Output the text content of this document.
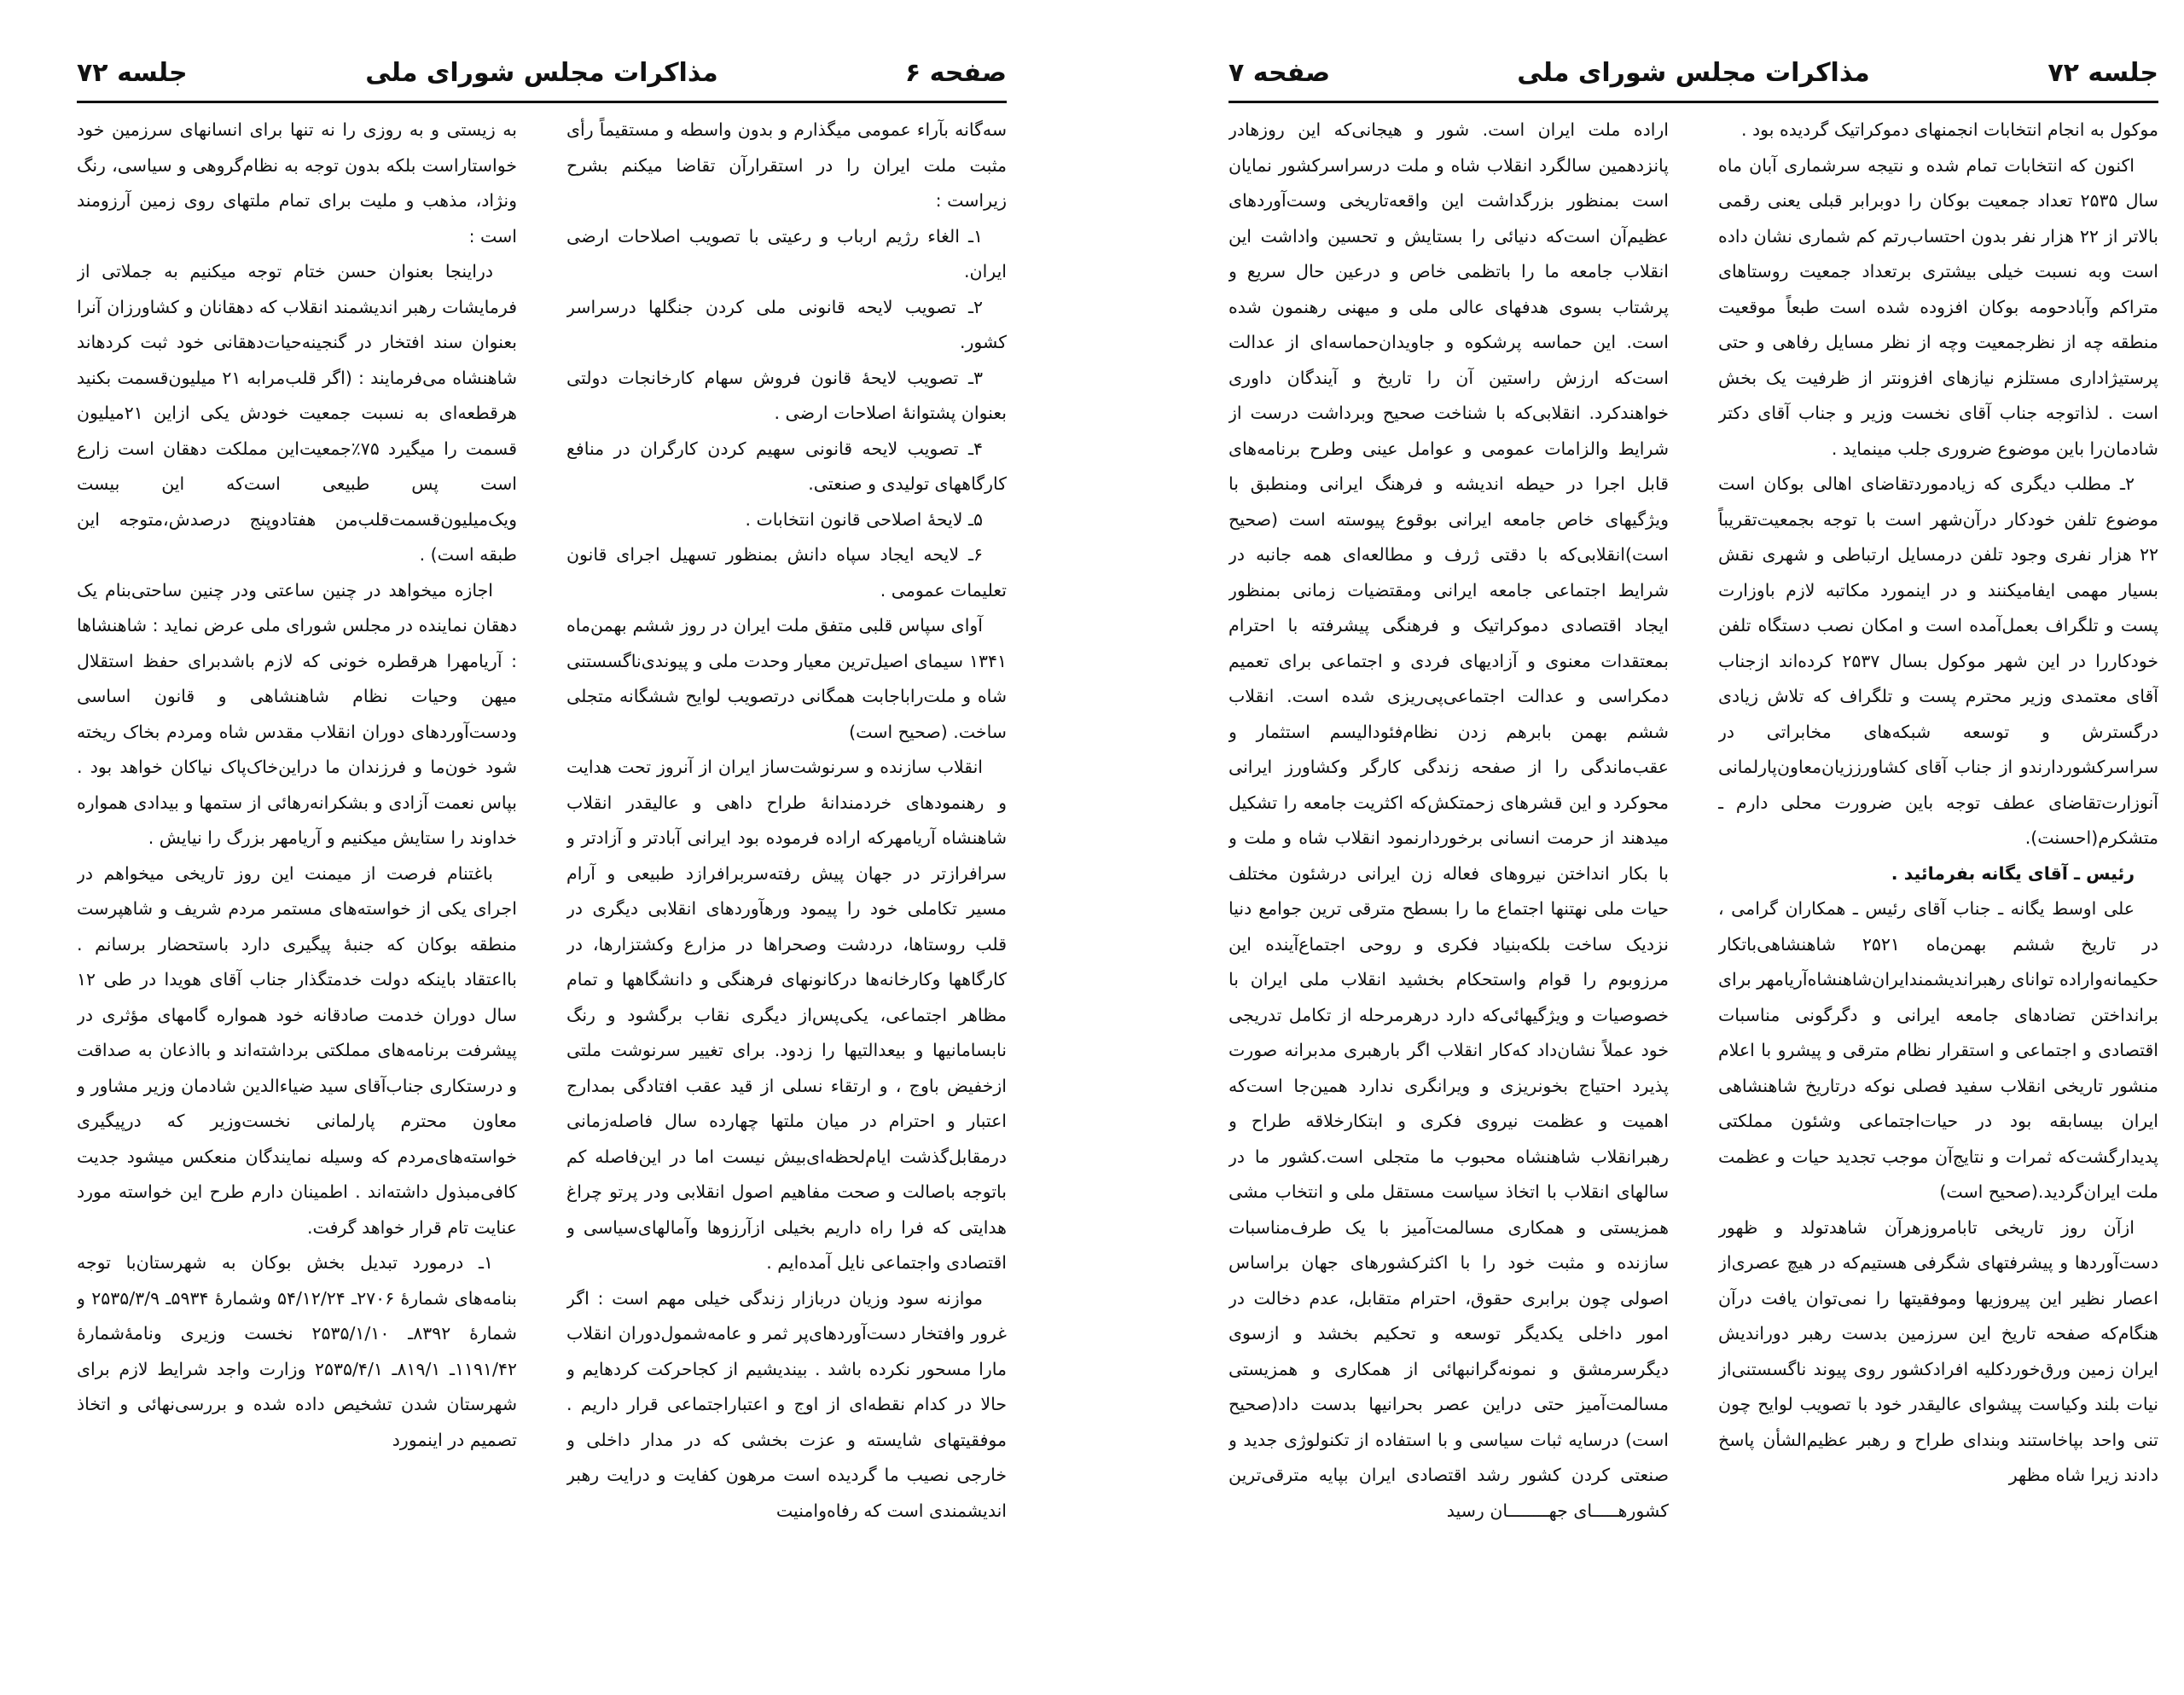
صفحه ۶
مذاکرات مجلس شورای ملی
جلسه ۷۲

سه‌گانه بآراء عمومی میگذارم و بدون واسطه و مستقیماً رأی مثبت ملت ایران را در استقرارآن تقاضا میکنم بشرح زیراست :

۱ـ الغاء رژیم ارباب و رعیتی با تصویب اصلاحات ارضی ایران.

۲ـ تصویب لایحه قانونی ملی کردن جنگلها درسراسر کشور.

۳ـ تصویب لایحهٔ قانون فروش سهام کارخانجات دولتی بعنوان پشتوانهٔ اصلاحات ارضی .

۴ـ تصویب لایحه قانونی سهیم کردن کارگران در منافع کارگاههای تولیدی و صنعتی.

۵ـ لایحهٔ اصلاحی قانون انتخابات .

۶ـ لایحه ایجاد سپاه دانش بمنظور تسهیل اجرای قانون تعلیمات عمومی .

آوای سپاس قلبی متفق ملت ایران در روز ششم بهمن‌ماه ۱۳۴۱ سیمای اصیل‌ترین معیار وحدت ملی و پیوندی‌ناگسستنی شاه و ملت‌راباجابت همگانی درتصویب لوایح ششگانه متجلی ساخت. (صحیح است)

انقلاب سازنده و سرنوشت‌ساز ایران از آنروز تحت هدایت و رهنمودهای خردمندانهٔ طراح داهی و عالیقدر انقلاب شاهنشاه آریامهرکه اراده فرموده بود ایرانی آبادتر و آزادتر و سرافرازتر در جهان پیش رفته‌سربرافرازد طبیعی و آرام مسیر تکاملی خود را پیمود ورهآوردهای انقلابی دیگری در قلب روستاها، دردشت وصحراها در مزارع وکشتزارها، در کارگاهها وکارخانه‌ها درکانونهای فرهنگی و دانشگاهها و تمام مظاهر اجتماعی، یکی‌پس‌از دیگری نقاب برگشود و رنگ نابسامانیها و بیعدالتیها را زدود. برای تغییر سرنوشت ملتی ازخفیض باوج ، و ارتقاء نسلی از قید عقب افتادگی بمدارج اعتبار و احترام در میان ملتها چهارده سال فاصله‌زمانی درمقابل‌گذشت ایام‌لحظه‌ای‌بیش نیست اما در این‌فاصله کم باتوجه باصالت و صحت مفاهیم اصول انقلابی ودر پرتو چراغ هدایتی که فرا راه داریم بخیلی ازآرزوها وآمالهای‌سیاسی و اقتصادی واجتماعی نایل آمده‌ایم .

موازنه سود وزیان دربازار زندگی خیلی مهم است : اگر غرور وافتخار دست‌آوردهای‌پر ثمر و عامه‌شمول‌دوران انقلاب مارا مسحور نکرده باشد . بیندیشیم از کجاحرکت کردهایم و حالا در کدام نقطه‌ای از اوج و اعتباراجتماعی قرار داریم . موفقیتهای شایسته و عزت بخشی که در مدار داخلی و خارجی نصیب ما گردیده است مرهون کفایت و درایت رهبر اندیشمندی است که رفاه‌وامنیت

به زیستی و به روزی را نه تنها برای انسانهای سرزمین خود خواستاراست بلکه بدون توجه به نظام‌گروهی و سیاسی، رنگ ونژاد، مذهب و ملیت برای تمام ملتهای روی زمین آرزومند است :

دراینجا بعنوان حسن ختام توجه میکنیم به جملاتی از فرمایشات رهبر اندیشمند انقلاب که دهقانان و کشاورزان آنرا بعنوان سند افتخار در گنجینه‌حیات‌دهقانی خود ثبت کردهاند شاهنشاه می‌فرمایند : (اگر قلب‌مرابه ۲۱ میلیون‌قسمت بکنید هرقطعه‌ای به نسبت جمعیت خودش یکی ازاین ۲۱میلیون قسمت را میگیرد ۷۵٪جمعیت‌این مملکت دهقان است زارع است پس طبیعی است‌که این بیست ویک‌میلیون‌قسمت‌قلب‌من هفتادوپنج درصدش،متوجه این طبقه است) .

اجازه میخواهد در چنین ساعتی ودر چنین ساحتی‌بنام یک دهقان نماینده در مجلس شورای ملی عرض نماید : شاهنشاها : آریامهرا هرقطره خونی که لازم باشدبرای حفظ استقلال میهن وحیات نظام شاهنشاهی و قانون اساسی ودست‌آوردهای دوران انقلاب مقدس شاه ومردم بخاک ریخته شود خون‌ما و فرزندان ما دراین‌خاک‌پاک نیاکان خواهد بود . بپاس نعمت آزادی و بشکرانه‌رهائی از ستمها و بیدادی همواره خداوند را ستایش میکنیم و آریامهر بزرگ را نیایش .

باغتنام فرصت از میمنت این روز تاریخی میخواهم در اجرای یکی از خواسته‌های مستمر مردم شریف و شاهپرست منطقه بوکان که جنبهٔ پیگیری دارد باستحضار برسانم . بااعتقاد باینکه دولت خدمتگذار جناب آقای هویدا در طی ۱۲ سال دوران خدمت صادقانه خود همواره گامهای مؤثری در پیشرفت برنامه‌های مملکتی برداشته‌اند و بااذعان به صداقت و درستکاری جناب‌آقای سید ضیاءالدین شادمان وزیر مشاور و معاون محترم پارلمانی نخست‌وزیر که درپیگیری خواسته‌های‌مردم که وسیله نمایندگان منعکس میشود جدیت کافی‌مبذول داشته‌اند . اطمینان دارم طرح این خواسته مورد عنایت تام قرار خواهد گرفت.

۱ـ درمورد تبدیل بخش بوکان به شهرستان‌با توجه بنامه‌های شمارهٔ ۲۷۰۶ـ ۵۴/۱۲/۲۴ وشمارهٔ ۵۹۳۴ـ ۲۵۳۵/۳/۹ و شمارهٔ ۸۳۹۲ـ ۲۵۳۵/۱/۱۰ نخست وزیری ونامهٔ‌شمارهٔ ۱۱۹۱/۴۲ـ ۸۱۹/۱ـ ۲۵۳۵/۴/۱ وزارت واجد شرایط لازم برای شهرستان شدن تشخیص داده شده و بررسی‌نهائی و اتخاذ تصمیم در اینمورد

جلسه ۷۲
مذاکرات مجلس شورای ملی
صفحه ۷

موکول به انجام انتخابات انجمنهای دموکراتیک گردیده بود .

اکنون که انتخابات تمام شده و نتیجه سرشماری آبان ماه سال ۲۵۳۵ تعداد جمعیت بوکان را دوبرابر قبلی یعنی رقمی بالاتر از ۲۲ هزار نفر بدون احتساب‌رتم کم شماری نشان داده است وبه نسبت خیلی بیشتری برتعداد جمعیت روستاهای متراکم وآبادحومه بوکان افزوده شده است طبعاً موقعیت منطقه چه از نظرجمعیت وچه از نظر مسایل رفاهی و حتی پرستیژاداری مستلزم نیازهای افزونتر از ظرفیت یک بخش است . لذاتوجه جناب آقای نخست وزیر و جناب آقای دکتر شادمان‌را باین موضوع ضروری جلب مینماید .

۲ـ مطلب دیگری که زیادمورد‌تقاضای اهالی بوکان است موضوع تلفن خودکار درآن‌شهر است با توجه بجمعیت‌تقریباً ۲۲ هزار نفری وجود تلفن درمسایل ارتباطی و شهری نقش بسیار مهمی ایفامیکنند و در اینمورد مکاتبه لازم باوزارت پست و تلگراف بعمل‌آمده است و امکان نصب دستگاه تلفن خودکاررا در این شهر موکول بسال ۲۵۳۷ کرده‌اند ازجناب آقای معتمدی وزیر محترم پست و تلگراف که تلاش زیادی درگسترش و توسعه شبکه‌های مخابراتی در سراسرکشوردارندو از جناب آقای کشاورززیان‌معاون‌پارلمانی آنوزارت‌تقاضای عطف توجه باین ضرورت محلی دارم ـ متشکرم(احسنت).

رئیس ـ آقای یگانه بفرمائید .

علی اوسط یگانه ـ جناب آقای رئیس ـ همکاران گرامی ، در تاریخ ششم بهمن‌ماه ۲۵۲۱ شاهنشاهی‌باتکار حکیمانه‌واراده توانای رهبراندیشمندایران‌شاهنشاه‌آریامهر برای برانداختن تضادهای جامعه ایرانی و دگرگونی مناسبات اقتصادی و اجتماعی و استقرار نظام مترقی و پیشرو با اعلام منشور تاریخی انقلاب سفید فصلی نوکه درتاریخ شاهنشاهی ایران بیسابقه بود در حیات‌اجتماعی وشئون مملکتی پدیدارگشت‌که ثمرات و نتایج‌آن موجب تجدید حیات و عظمت ملت ایران‌گردید.(صحیح است)

ازآن روز تاریخی تابامروزهرآن شاهدتولد و ظهور دست‌آوردها و پیشرفتهای شگرفی هستیم‌که در هیچ عصری‌از اعصار نظیر این پیروزیها وموفقیتها را نمی‌توان یافت درآن هنگام‌که صفحه تاریخ این سرزمین بدست رهبر دوراندیش ایران زمین ورق‌خوردکلیه افرادکشور روی پیوند ناگسستنی‌از نیات بلند وکیاست پیشوای عالیقدر خود با تصویب لوایح چون تنی واحد بپاخاستند وبندای طراح و رهبر عظیم‌الشأن پاسخ دادند زیرا شاه مظهر

اراده ملت ایران است. شور و هیجانی‌که این روزهادر پانزدهمین سالگرد انقلاب شاه و ملت درسراسرکشور نمایان است بمنظور بزرگداشت این واقعه‌تاریخی وست‌آوردهای عظیم‌آن است‌که دنیائی را بستایش و تحسین واداشت این انقلاب جامعه ما را باتظمی خاص و درعین حال سریع و پرشتاب بسوی هدفهای عالی ملی و میهنی رهنمون شده است. این حماسه پرشکوه و جاویدان‌حماسه‌ای از عدالت است‌که ارزش راستین آن را تاریخ و آیندگان داوری خواهندکرد. انقلابی‌که با شناخت صحیح وبرداشت درست از شرایط والزامات عمومی و عوامل عینی وطرح برنامه‌های قابل اجرا در حیطه اندیشه و فرهنگ ایرانی ومنطبق با ویژگیهای خاص جامعه ایرانی بوقوع پیوسته است (صحیح است)انقلابی‌که با دقتی ژرف و مطالعه‌ای همه جانبه در شرایط اجتماعی جامعه ایرانی ومقتضیات زمانی بمنظور ایجاد اقتصادی دموکراتیک و فرهنگی پیشرفته با احترام بمعتقدات معنوی و آزادیهای فردی و اجتماعی برای تعمیم دمکراسی و عدالت اجتماعی‌پی‌ریزی شده است. انقلاب ششم بهمن بابرهم زدن نظام‌فئودالیسم استثمار و عقب‌ماندگی را از صفحه زندگی کارگر وکشاورز ایرانی محوکرد و این قشرهای زحمتکش‌که اکثریت جامعه را تشکیل میدهند از حرمت انسانی برخوردارنمود انقلاب شاه و ملت و با بکار انداختن نیروهای فعاله زن ایرانی درشئون مختلف حیات ملی نهتنها اجتماع ما را بسطح مترقی ترین جوامع دنیا نزدیک ساخت بلکه‌بنیاد فکری و روحی اجتماع‌آینده این مرزوبوم را قوام واستحکام بخشید انقلاب ملی ایران با خصوصیات و ویژگیهائی‌که دارد درهرمرحله از تکامل تدریجی خود عملاً نشان‌داد که‌کار انقلاب اگر بارهبری مدبرانه صورت پذیرد احتیاج بخونریزی و ویرانگری ندارد همین‌جا است‌که اهمیت و عظمت نیروی فکری و ابتکارخلاقه طراح و رهبرانقلاب شاهنشاه محبوب ما متجلی است.کشور ما در سالهای انقلاب با اتخاذ سیاست مستقل ملی و انتخاب مشی همزیستی و همکاری مسالمت‌آمیز با یک طرف‌مناسبات سازنده و مثبت خود را با اکثرکشورهای جهان براساس اصولی چون برابری حقوق، احترام متقابل، عدم دخالت در امور داخلی یکدیگر توسعه و تحکیم بخشد و ازسوی دیگرسرمشق و نمونه‌گرانبهائی از همکاری و همزیستی مسالمت‌آمیز حتی دراین عصر بحرانیها بدست داد(صحیح است) درسایه ثبات سیاسی و با استفاده از تکنولوژی جدید و صنعتی کردن کشور رشد اقتصادی ایران بپایه مترقی‌ترین کشورهـــــای جهــــــــان رسید
